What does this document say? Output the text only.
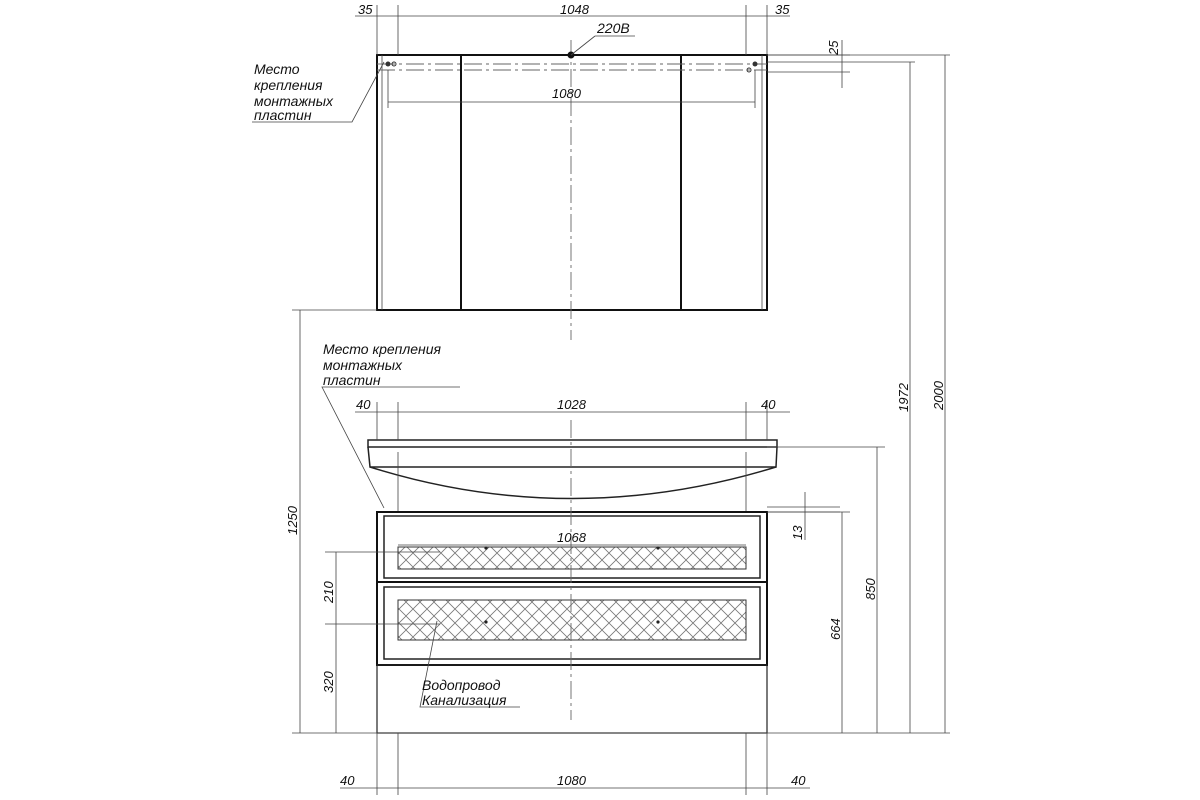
35	1048	35
220В
25
1080
Место
крепления
монтажных
пластин
40	1028	40
Место крепления
монтажных
пластин
1068	13
664
850
1972 2000
1250
210
320	Водопровод
Канализация
40	1080	40
